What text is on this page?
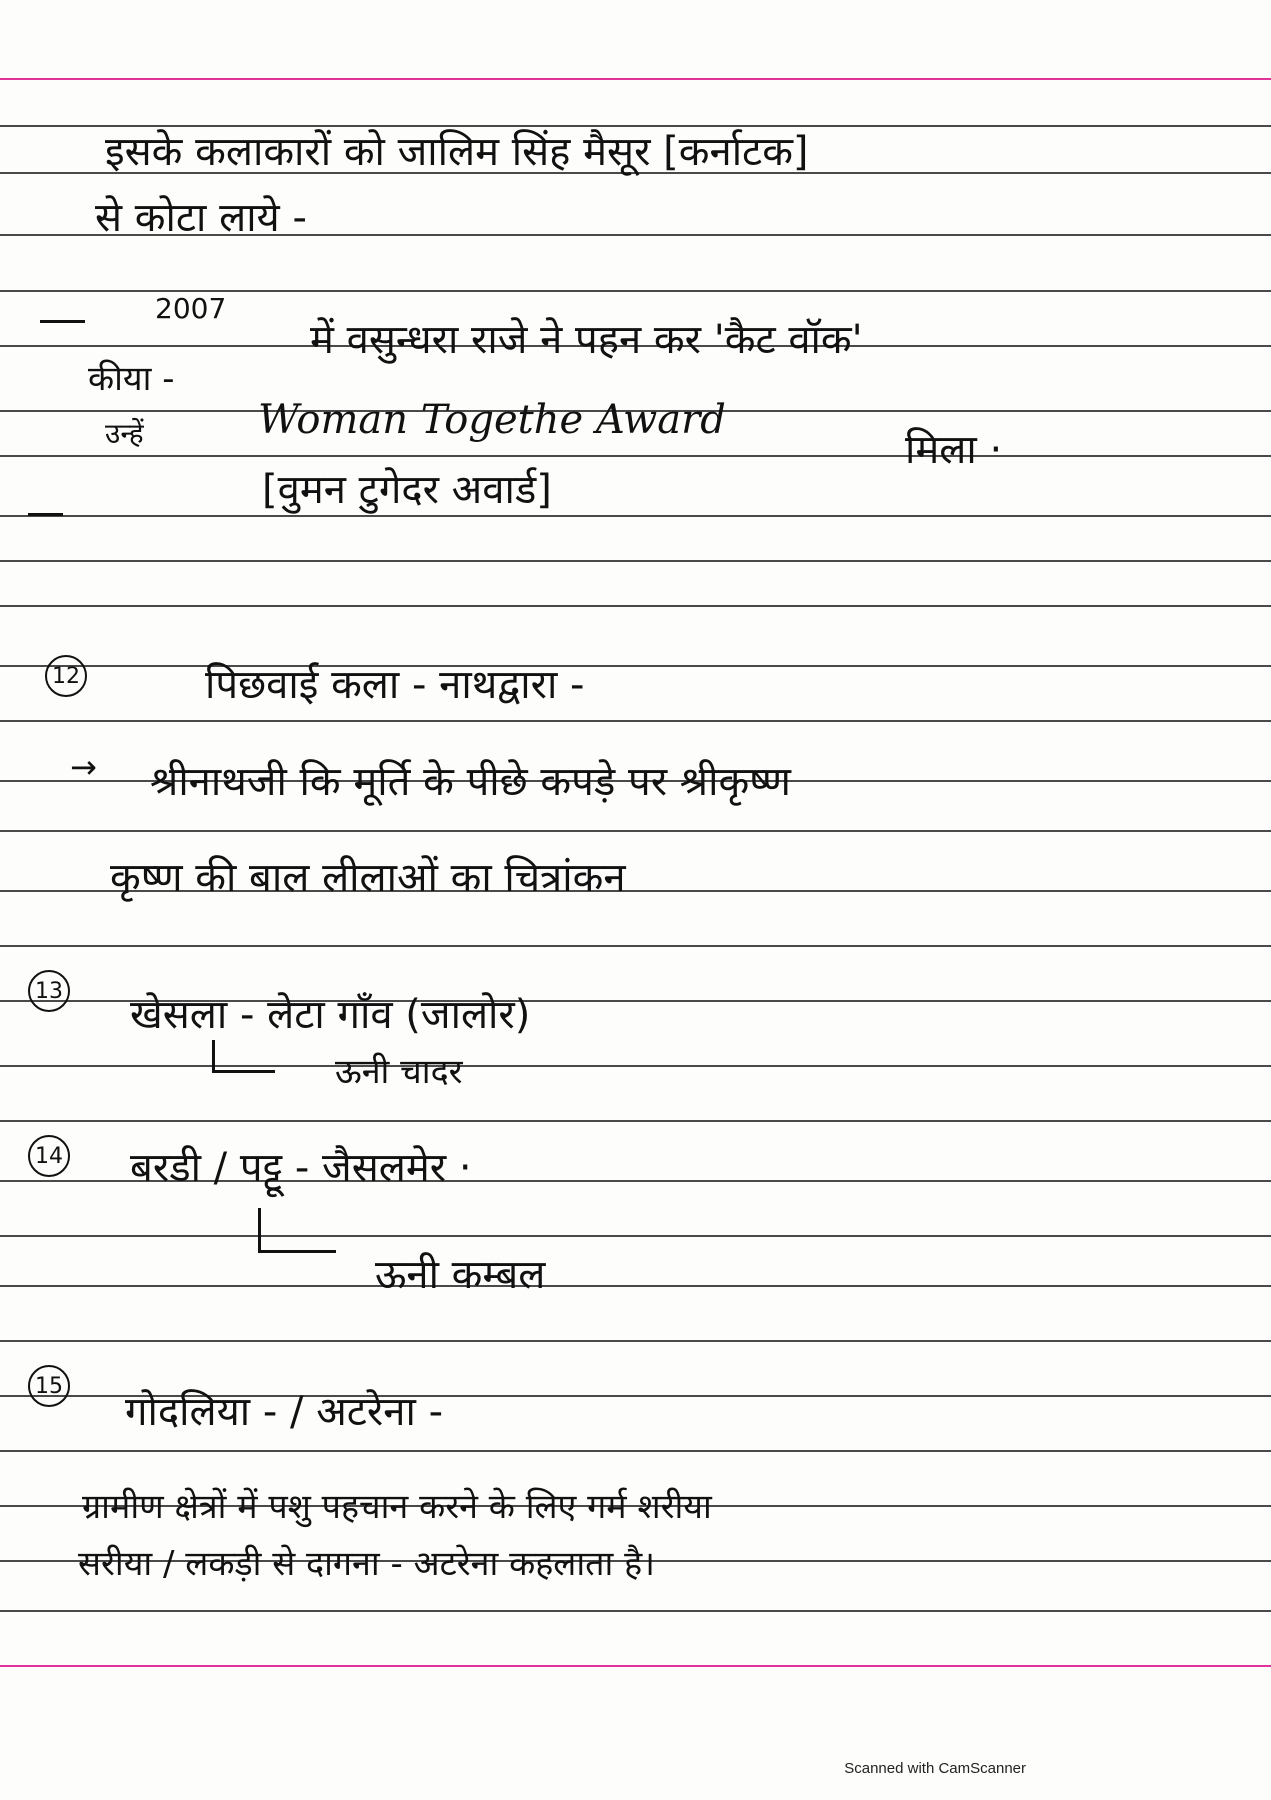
इसके कलाकारों को जालिम सिंह मैसूर [कर्नाटक]
से कोटा लाये -
2007
में वसुन्धरा राजे ने पहन कर 'कैट वॉक'
कीया -
उन्हें	Woman Togethe Award
मिला ·
[वुमन टुगेदर अवार्ड]
12	पिछवाई कला - नाथद्वारा -
→ श्रीनाथजी कि मूर्ति के पीछे कपड़े पर श्रीकृष्ण
कृष्ण की बाल लीलाओं का चित्रांकन
13
खेसला - लेटा गाँव (जालोर)
ऊनी चादर
14 बरडी / पट्टू - जैसलमेर ·
ऊनी कम्बल
15
गोदलिया - / अटरेना -
ग्रामीण क्षेत्रों में पशु पहचान करने के लिए गर्म शरीया
सरीया / लकड़ी से दागना - अटरेना कहलाता है।
Scanned with CamScanner
